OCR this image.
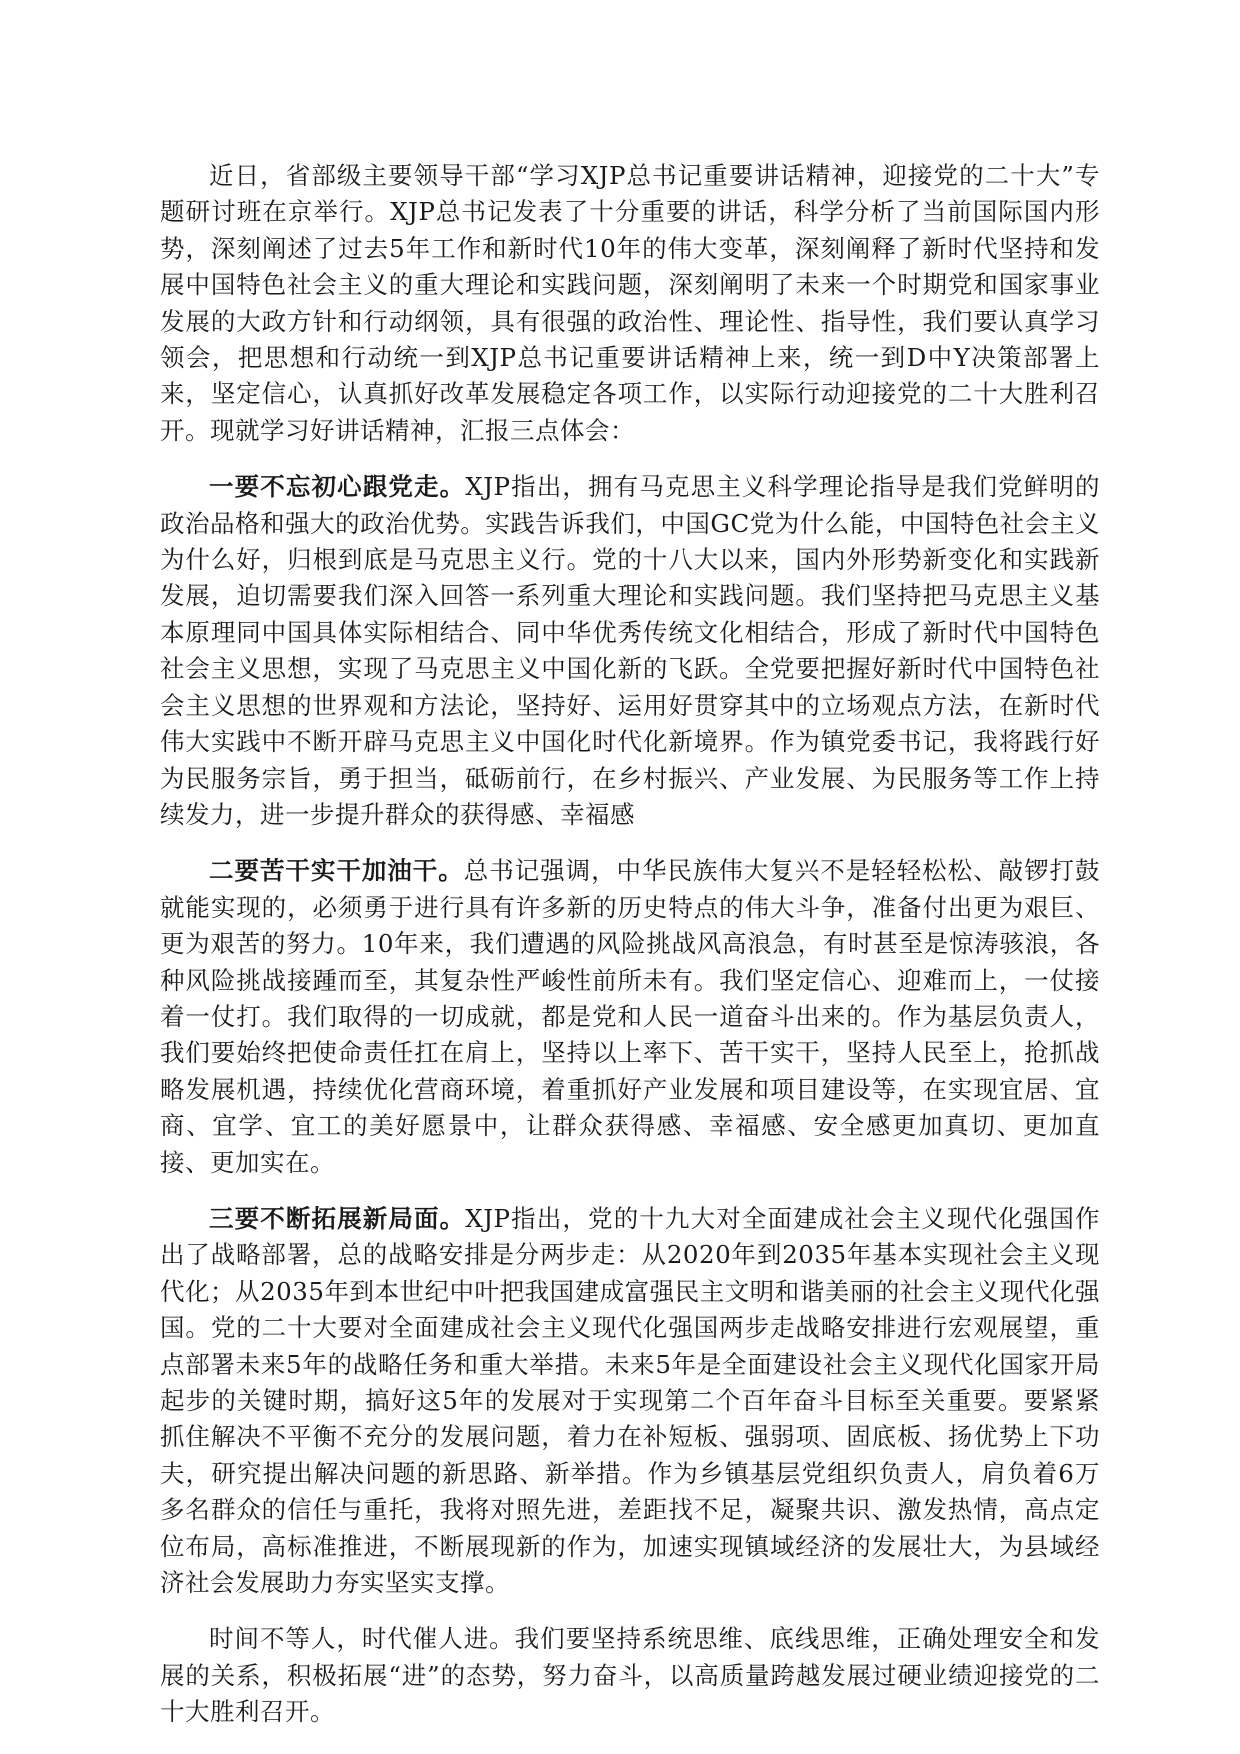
近日，省部级主要领导干部“学习XJP总书记重要讲话精神，迎接党的二十大”专题研讨班在京举行。XJP总书记发表了十分重要的讲话，科学分析了当前国际国内形势，深刻阐述了过去5年工作和新时代10年的伟大变革，深刻阐释了新时代坚持和发展中国特色社会主义的重大理论和实践问题，深刻阐明了未来一个时期党和国家事业发展的大政方针和行动纲领，具有很强的政治性、理论性、指导性，我们要认真学习领会，把思想和行动统一到XJP总书记重要讲话精神上来，统一到D中Y决策部署上来，坚定信心，认真抓好改革发展稳定各项工作，以实际行动迎接党的二十大胜利召开。现就学习好讲话精神，汇报三点体会：

一要不忘初心跟党走。XJP指出，拥有马克思主义科学理论指导是我们党鲜明的政治品格和强大的政治优势。实践告诉我们，中国GC党为什么能，中国特色社会主义为什么好，归根到底是马克思主义行。党的十八大以来，国内外形势新变化和实践新发展，迫切需要我们深入回答一系列重大理论和实践问题。我们坚持把马克思主义基本原理同中国具体实际相结合、同中华优秀传统文化相结合，形成了新时代中国特色社会主义思想，实现了马克思主义中国化新的飞跃。全党要把握好新时代中国特色社会主义思想的世界观和方法论，坚持好、运用好贯穿其中的立场观点方法，在新时代伟大实践中不断开辟马克思主义中国化时代化新境界。作为镇党委书记，我将践行好为民服务宗旨，勇于担当，砥砺前行，在乡村振兴、产业发展、为民服务等工作上持续发力，进一步提升群众的获得感、幸福感

二要苦干实干加油干。总书记强调，中华民族伟大复兴不是轻轻松松、敲锣打鼓就能实现的，必须勇于进行具有许多新的历史特点的伟大斗争，准备付出更为艰巨、更为艰苦的努力。10年来，我们遭遇的风险挑战风高浪急，有时甚至是惊涛骇浪，各种风险挑战接踵而至，其复杂性严峻性前所未有。我们坚定信心、迎难而上，一仗接着一仗打。我们取得的一切成就，都是党和人民一道奋斗出来的。作为基层负责人，我们要始终把使命责任扛在肩上，坚持以上率下、苦干实干，坚持人民至上，抢抓战略发展机遇，持续优化营商环境，着重抓好产业发展和项目建设等，在实现宜居、宜商、宜学、宜工的美好愿景中，让群众获得感、幸福感、安全感更加真切、更加直接、更加实在。

三要不断拓展新局面。XJP指出，党的十九大对全面建成社会主义现代化强国作出了战略部署，总的战略安排是分两步走：从2020年到2035年基本实现社会主义现代化；从2035年到本世纪中叶把我国建成富强民主文明和谐美丽的社会主义现代化强国。党的二十大要对全面建成社会主义现代化强国两步走战略安排进行宏观展望，重点部署未来5年的战略任务和重大举措。未来5年是全面建设社会主义现代化国家开局起步的关键时期，搞好这5年的发展对于实现第二个百年奋斗目标至关重要。要紧紧抓住解决不平衡不充分的发展问题，着力在补短板、强弱项、固底板、扬优势上下功夫，研究提出解决问题的新思路、新举措。作为乡镇基层党组织负责人，肩负着6万多名群众的信任与重托，我将对照先进，差距找不足，凝聚共识、激发热情，高点定位布局，高标准推进，不断展现新的作为，加速实现镇域经济的发展壮大，为县域经济社会发展助力夯实坚实支撑。

时间不等人，时代催人进。我们要坚持系统思维、底线思维，正确处理安全和发展的关系，积极拓展“进”的态势，努力奋斗，以高质量跨越发展过硬业绩迎接党的二十大胜利召开。
